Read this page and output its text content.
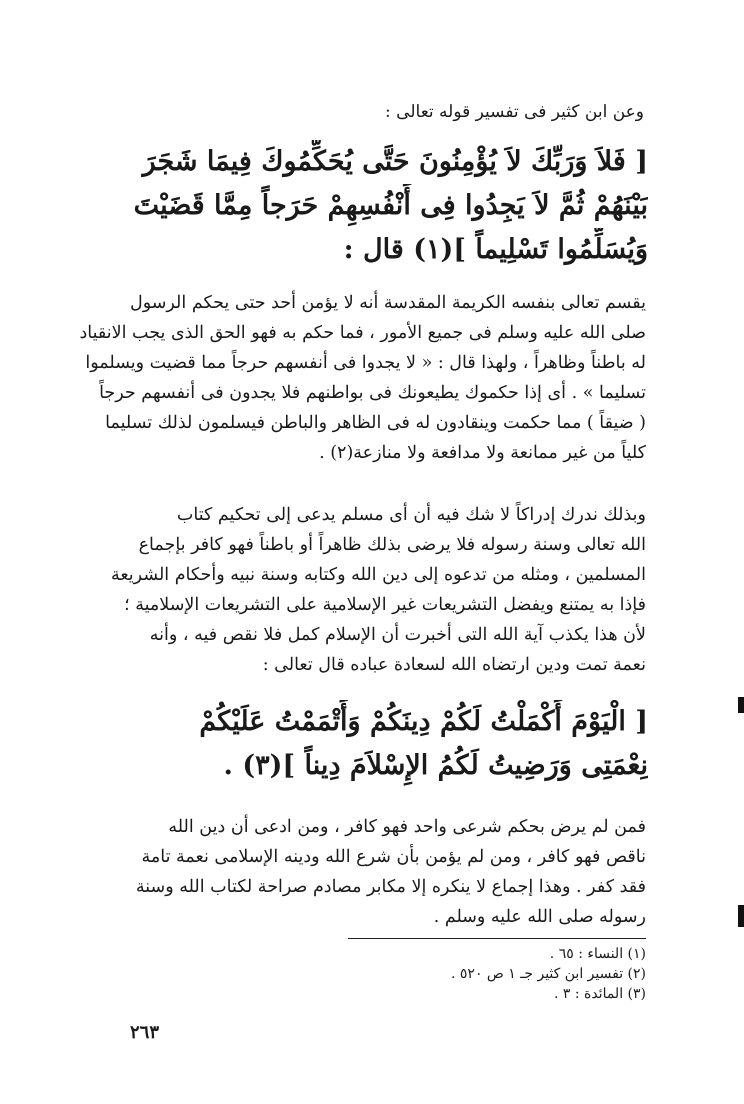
وعن ابن كثير فى تفسير قوله تعالى :
[ فَلاَ وَرَبِّكَ لاَ يُؤْمِنُونَ حَتَّى يُحَكِّمُوكَ فِيمَا شَجَرَ
بَيْنَهُمْ ثُمَّ لاَ يَجِدُوا فِى أَنْفُسِهِمْ حَرَجاً مِمَّا قَضَيْتَ
وَيُسَلِّمُوا تَسْلِيماً ](١) قال :
يقسم تعالى بنفسه الكريمة المقدسة أنه لا يؤمن أحد حتى يحكم الرسول
صلى الله عليه وسلم فى جميع الأمور ، فما حكم به فهو الحق الذى يجب الانقياد
له باطناً وظاهراً ، ولهذا قال : « لا يجدوا فى أنفسهم حرجاً مما قضيت ويسلموا
تسليما » . أى إذا حكموك يطيعونك فى بواطنهم فلا يجدون فى أنفسهم حرجاً
( ضيقاً ) مما حكمت وينقادون له فى الظاهر والباطن فيسلمون لذلك تسليما
كلياً من غير ممانعة ولا مدافعة ولا منازعة(٢) .
وبذلك ندرك إدراكاً لا شك فيه أن أى مسلم يدعى إلى تحكيم كتاب
الله تعالى وسنة رسوله فلا يرضى بذلك ظاهراً أو باطناً فهو كافر بإجماع
المسلمين ، ومثله من تدعوه إلى دين الله وكتابه وسنة نبيه وأحكام الشريعة
فإذا به يمتنع ويفضل التشريعات غير الإسلامية على التشريعات الإسلامية ؛
لأن هذا يكذب آية الله التى أخبرت أن الإسلام كمل فلا نقص فيه ، وأنه
نعمة تمت ودين ارتضاه الله لسعادة عباده قال تعالى :
[ الْيَوْمَ أَكْمَلْتُ لَكُمْ دِينَكُمْ وَأَتْمَمْتُ عَلَيْكُمْ
نِعْمَتِى وَرَضِيتُ لَكُمُ الإِسْلاَمَ دِيناً ](٣) .
فمن لم يرض بحكم شرعى واحد فهو كافر ، ومن ادعى أن دين الله
ناقص فهو كافر ، ومن لم يؤمن بأن شرع الله ودينه الإسلامى نعمة تامة
فقد كفر . وهذا إجماع لا ينكره إلا مكابر مصادم صراحة لكتاب الله وسنة
رسوله صلى الله عليه وسلم .
(١) النساء : ٦٥ .
(٢) تفسير ابن كثير جـ ١ ص ٥٢٠ .
(٣) المائدة : ٣ .
٢٦٣
